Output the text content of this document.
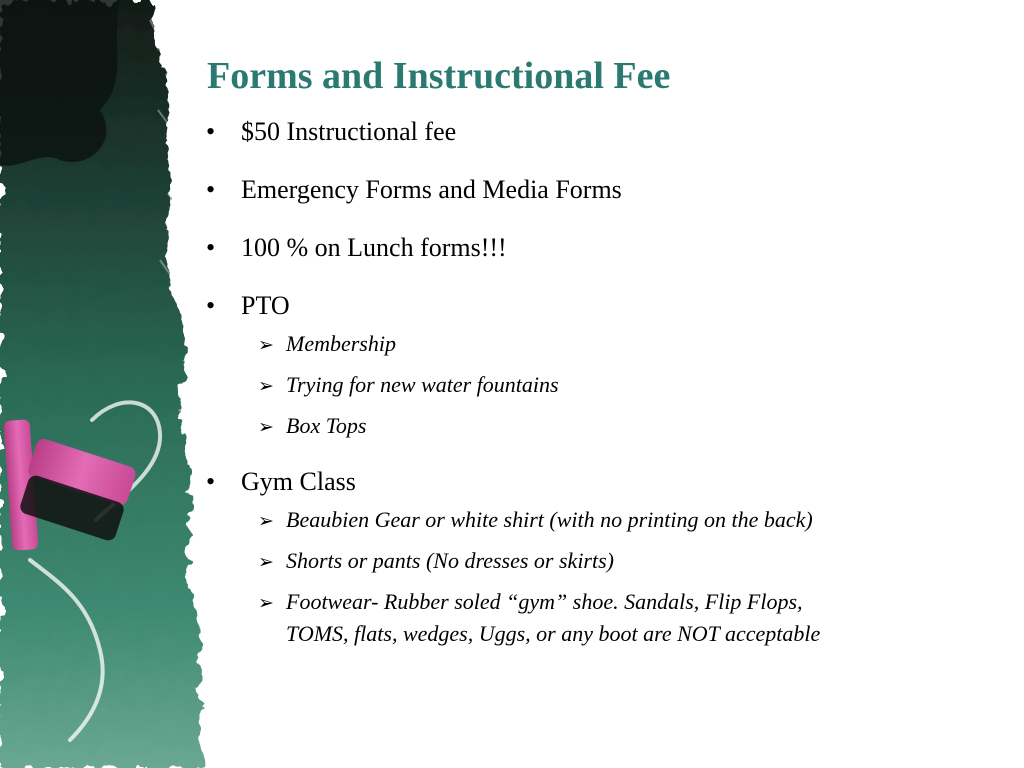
Forms and Instructional Fee
• $50 Instructional fee
• Emergency Forms and Media Forms
• 100 % on Lunch forms!!!
• PTO
➢ Membership
➢ Trying for new water fountains
➢ Box Tops
• Gym Class
➢ Beaubien Gear or white shirt (with no printing on the back)
➢ Shorts or pants (No dresses or skirts)
➢ Footwear- Rubber soled “gym” shoe. Sandals, Flip Flops,
TOMS, flats, wedges, Uggs, or any boot are NOT acceptable
